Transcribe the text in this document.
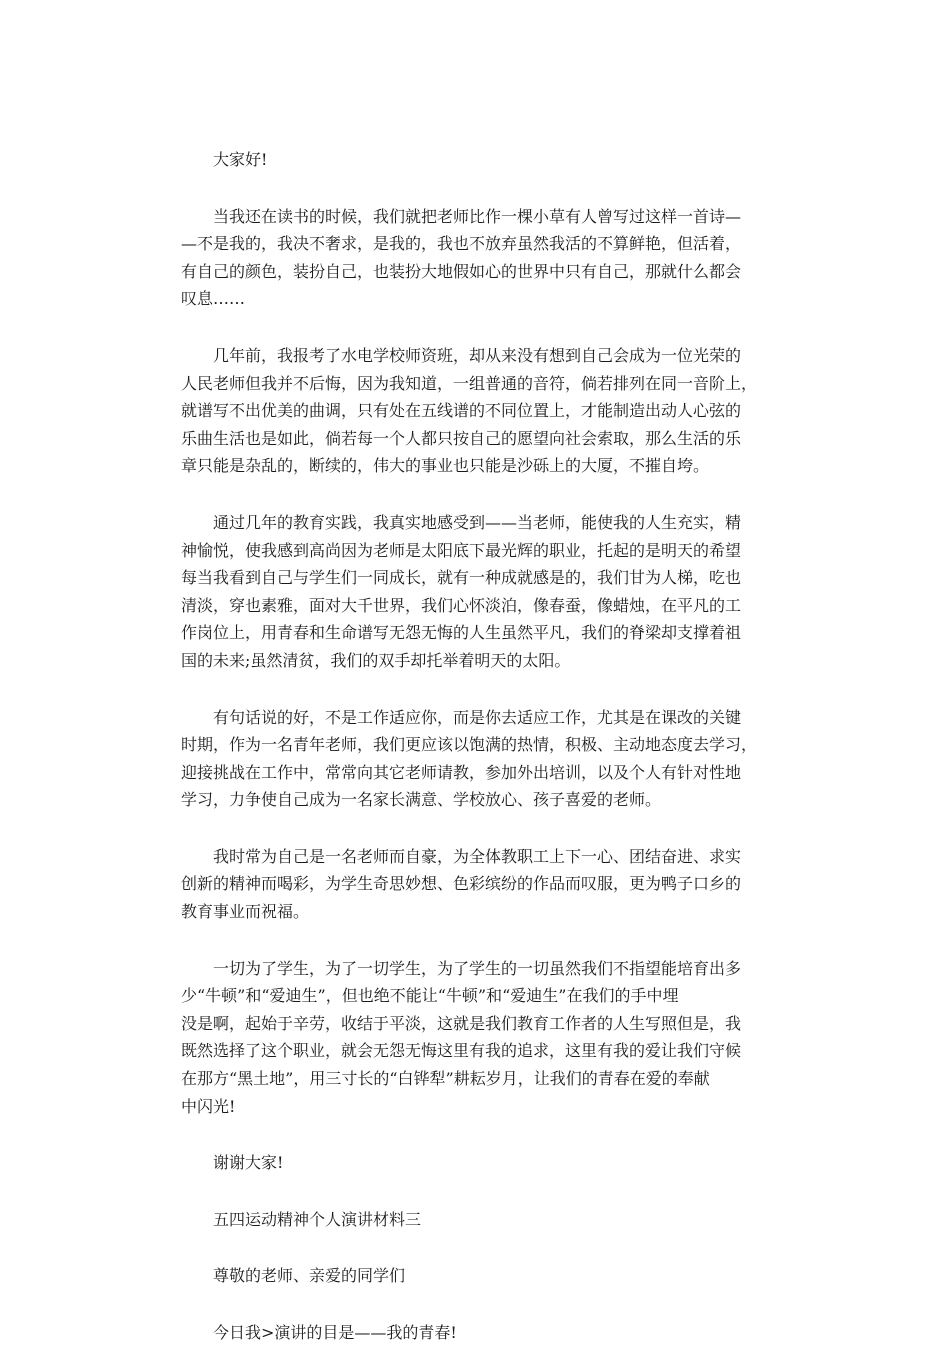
大家好!

当我还在读书的时候，我们就把老师比作一棵小草有人曾写过这样一首诗—
—不是我的，我决不奢求，是我的，我也不放弃虽然我活的不算鲜艳，但活着，
有自己的颜色，装扮自己，也装扮大地假如心的世界中只有自己，那就什么都会
叹息……

几年前，我报考了水电学校师资班，却从来没有想到自己会成为一位光荣的
人民老师但我并不后悔，因为我知道，一组普通的音符，倘若排列在同一音阶上，
就谱写不出优美的曲调，只有处在五线谱的不同位置上，才能制造出动人心弦的
乐曲生活也是如此，倘若每一个人都只按自己的愿望向社会索取，那么生活的乐
章只能是杂乱的，断续的，伟大的事业也只能是沙砾上的大厦，不摧自垮。

通过几年的教育实践，我真实地感受到——当老师，能使我的人生充实，精
神愉悦，使我感到高尚因为老师是太阳底下最光辉的职业，托起的是明天的希望
每当我看到自己与学生们一同成长，就有一种成就感是的，我们甘为人梯，吃也
清淡，穿也素雅，面对大千世界，我们心怀淡泊，像春蚕，像蜡烛，在平凡的工
作岗位上，用青春和生命谱写无怨无悔的人生虽然平凡，我们的脊梁却支撑着祖
国的未来;虽然清贫，我们的双手却托举着明天的太阳。

有句话说的好，不是工作适应你，而是你去适应工作，尤其是在课改的关键
时期，作为一名青年老师，我们更应该以饱满的热情，积极、主动地态度去学习，
迎接挑战在工作中，常常向其它老师请教，参加外出培训，以及个人有针对性地
学习，力争使自己成为一名家长满意、学校放心、孩子喜爱的老师。

我时常为自己是一名老师而自豪，为全体教职工上下一心、团结奋进、求实
创新的精神而喝彩，为学生奇思妙想、色彩缤纷的作品而叹服，更为鸭子口乡的
教育事业而祝福。

一切为了学生，为了一切学生，为了学生的一切虽然我们不指望能培育出多
少“牛顿”和“爱迪生”，但也绝不能让“牛顿”和“爱迪生”在我们的手中埋
没是啊，起始于辛劳，收结于平淡，这就是我们教育工作者的人生写照但是，我
既然选择了这个职业，就会无怨无悔这里有我的追求，这里有我的爱让我们守候
在那方“黑土地”，用三寸长的“白铧犁”耕耘岁月，让我们的青春在爱的奉献
中闪光!

谢谢大家!

五四运动精神个人演讲材料三

尊敬的老师、亲爱的同学们

今日我>演讲的目是——我的青春!
